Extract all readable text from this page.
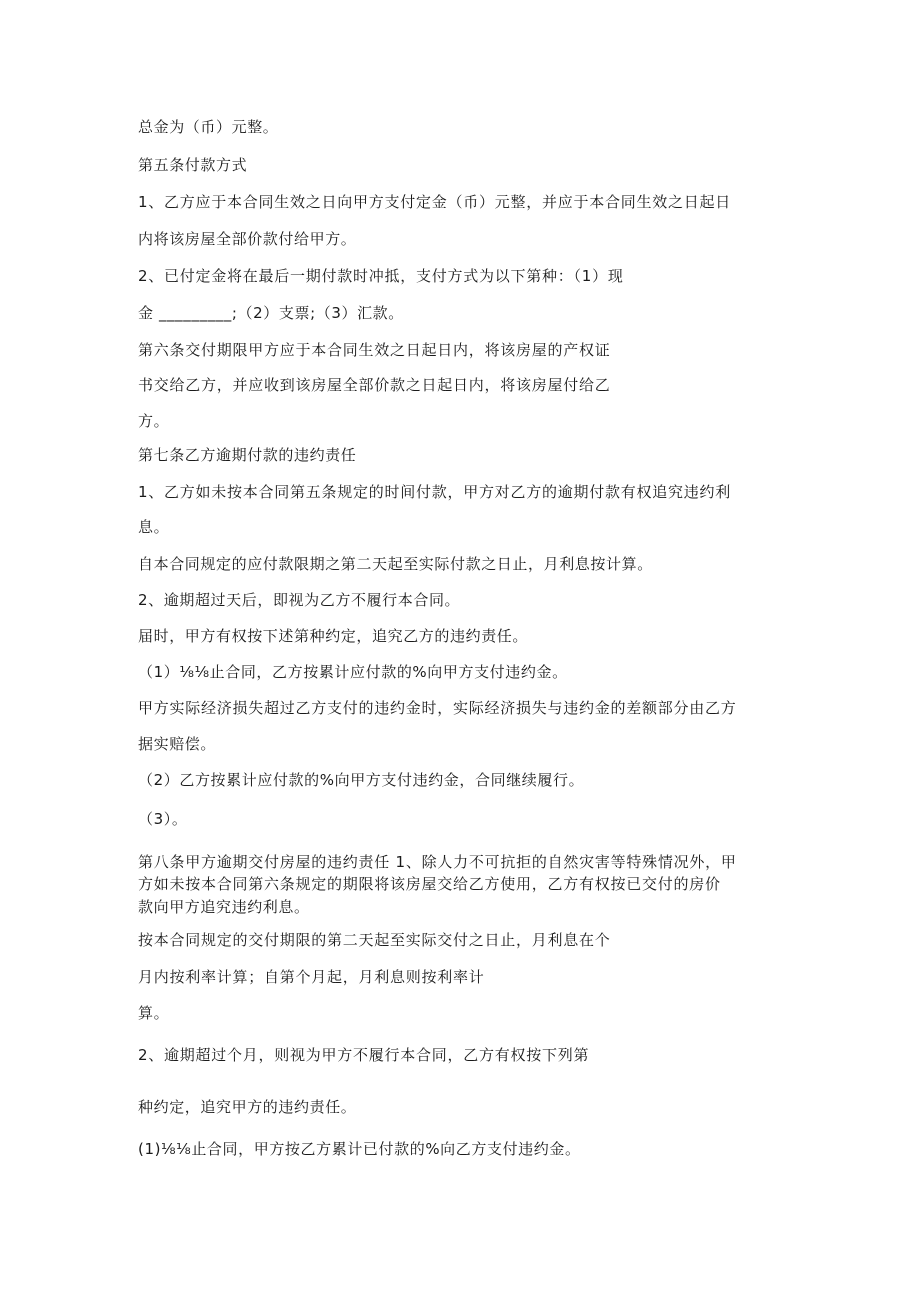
总金为（币）元整。
第五条付款方式
1、乙方应于本合同生效之日向甲方支付定金（币）元整，并应于本合同生效之日起日
内将该房屋全部价款付给甲方。
2、已付定金将在最后一期付款时冲抵，支付方式为以下第种：（1）现
金 _________;（2）支票;（3）汇款。
第六条交付期限甲方应于本合同生效之日起日内，将该房屋的产权证
书交给乙方，并应收到该房屋全部价款之日起日内，将该房屋付给乙
方。
第七条乙方逾期付款的违约责任
1、乙方如未按本合同第五条规定的时间付款，甲方对乙方的逾期付款有权追究违约利
息。
自本合同规定的应付款限期之第二天起至实际付款之日止，月利息按计算。
2、逾期超过天后，即视为乙方不履行本合同。
届时，甲方有权按下述第种约定，追究乙方的违约责任。
（1）⅛⅛止合同，乙方按累计应付款的%向甲方支付违约金。
甲方实际经济损失超过乙方支付的违约金时，实际经济损失与违约金的差额部分由乙方
据实赔偿。
（2）乙方按累计应付款的%向甲方支付违约金，合同继续履行。
（3）。
第八条甲方逾期交付房屋的违约责任 1、除人力不可抗拒的自然灾害等特殊情况外，甲
方如未按本合同第六条规定的期限将该房屋交给乙方使用，乙方有权按已交付的房价
款向甲方追究违约利息。
按本合同规定的交付期限的第二天起至实际交付之日止，月利息在个
月内按利率计算；自第个月起，月利息则按利率计
算。
2、逾期超过个月，则视为甲方不履行本合同，乙方有权按下列第
种约定，追究甲方的违约责任。
(1)⅛⅛止合同，甲方按乙方累计已付款的%向乙方支付违约金。
